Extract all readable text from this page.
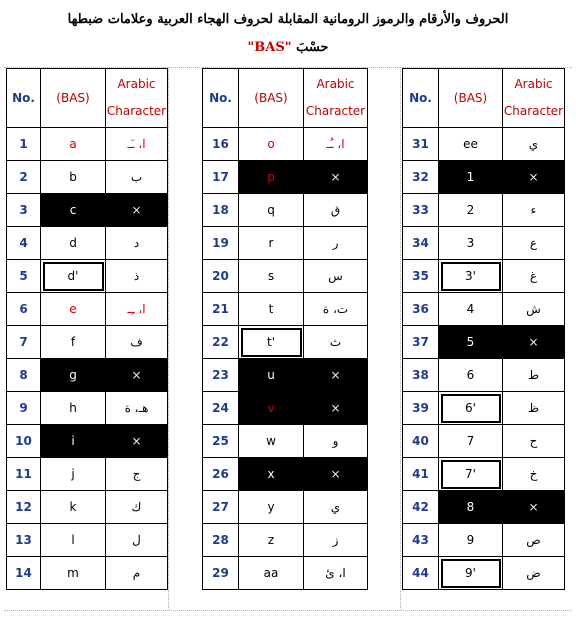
الحروف والأرقام والرموز الرومانية المقابلة لحروف الهجاء العربية وعلامات ضبطها
حسْبَ "BAS"
No.	(BAS)	Arabic Character
1	a	ا، ـَـ
2	b	ب
3	c	×
4	d	د
5	d'	ذ
6	e	ا، ـِـ
7	f	ف
8	g	×
9	h	هـ، ة
10	i	×
11	j	ج
12	k	ك
13	l	ل
14	m	م
No.	(BAS)	Arabic Character
16	o	ا، ـُـ
17	p	×
18	q	ق
19	r	ر
20	s	س
21	t	ت، ة
22	t'	ث
23	u	×
24	v	×
25	w	و
26	x	×
27	y	ي
28	z	ز
29	aa	ا، ئ
No.	(BAS)	Arabic Character
31	ee	ي
32	1	×
33	2	ء
34	3	ع
35	3'	غ
36	4	ش
37	5	×
38	6	ط
39	6'	ظ
40	7	ح
41	7'	خ
42	8	×
43	9	ص
44	9'	ض
